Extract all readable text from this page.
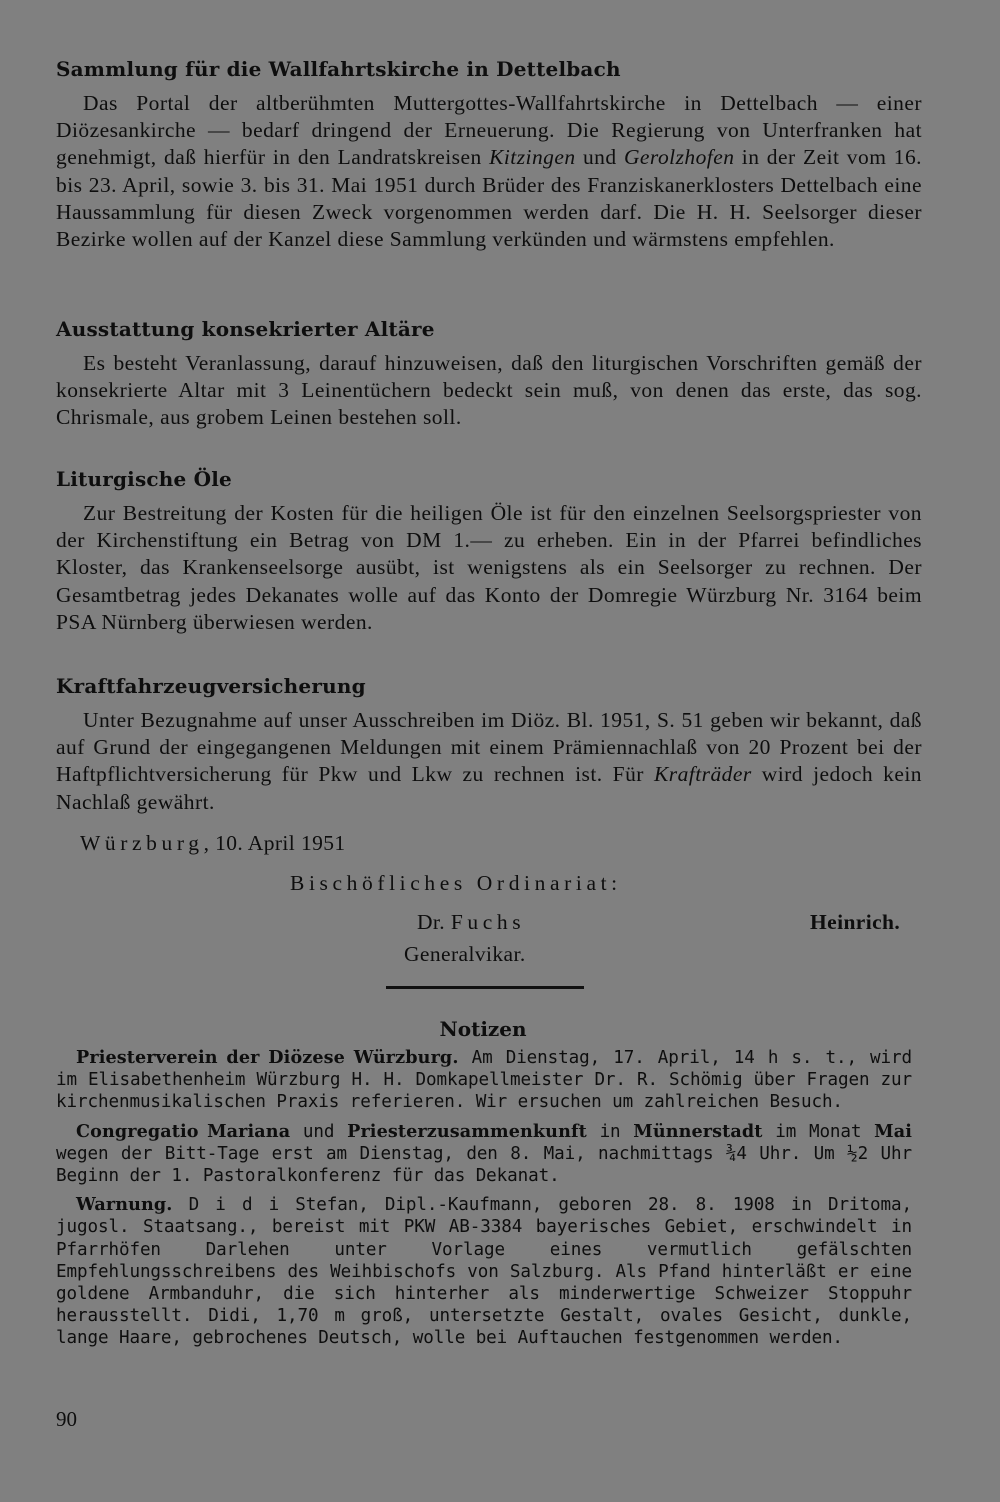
Sammlung für die Wallfahrtskirche in Dettelbach

Das Portal der altberühmten Muttergottes-Wallfahrtskirche in Dettelbach — einer Diözesankirche — bedarf dringend der Erneuerung. Die Regierung von Unterfranken hat genehmigt, daß hierfür in den Landratskreisen Kitzingen und Gerolzhofen in der Zeit vom 16. bis 23. April, sowie 3. bis 31. Mai 1951 durch Brüder des Franziskanerklosters Dettelbach eine Haussammlung für diesen Zweck vorgenommen werden darf. Die H. H. Seelsorger dieser Bezirke wollen auf der Kanzel diese Sammlung verkünden und wärmstens empfehlen.

Ausstattung konsekrierter Altäre

Es besteht Veranlassung, darauf hinzuweisen, daß den liturgischen Vorschriften gemäß der konsekrierte Altar mit 3 Leinentüchern bedeckt sein muß, von denen das erste, das sog. Chrismale, aus grobem Leinen bestehen soll.

Liturgische Öle

Zur Bestreitung der Kosten für die heiligen Öle ist für den einzelnen Seelsorgspriester von der Kirchenstiftung ein Betrag von DM 1.— zu erheben. Ein in der Pfarrei befindliches Kloster, das Krankenseelsorge ausübt, ist wenigstens als ein Seelsorger zu rechnen. Der Gesamtbetrag jedes Dekanates wolle auf das Konto der Domregie Würzburg Nr. 3164 beim PSA Nürnberg überwiesen werden.

Kraftfahrzeugversicherung

Unter Bezugnahme auf unser Ausschreiben im Diöz. Bl. 1951, S. 51 geben wir bekannt, daß auf Grund der eingegangenen Meldungen mit einem Prämiennachlaß von 20 Prozent bei der Haftpflichtversicherung für Pkw und Lkw zu rechnen ist. Für Krafträder wird jedoch kein Nachlaß gewährt.

Würzburg, 10. April 1951
Bischöfliches Ordinariat:
Dr. Fuchs
Generalvikar.
Heinrich.
Notizen

Priesterverein der Diözese Würzburg. Am Dienstag, 17. April, 14 h s. t., wird im Elisabethenheim Würzburg H. H. Domkapellmeister Dr. R. Schömig über Fragen zur kirchenmusikalischen Praxis referieren. Wir ersuchen um zahlreichen Besuch.

Congregatio Mariana und Priesterzusammenkunft in Münnerstadt im Monat Mai wegen der Bitt-Tage erst am Dienstag, den 8. Mai, nachmittags ¾4 Uhr. Um ½2 Uhr Beginn der 1. Pastoralkonferenz für das Dekanat.

Warnung. D i d i Stefan, Dipl.-Kaufmann, geboren 28. 8. 1908 in Dritoma, jugosl. Staatsang., bereist mit PKW AB-3384 bayerisches Gebiet, erschwindelt in Pfarrhöfen Darlehen unter Vorlage eines vermutlich gefälschten Empfehlungsschreibens des Weihbischofs von Salzburg. Als Pfand hinterläßt er eine goldene Armbanduhr, die sich hinterher als minderwertige Schweizer Stoppuhr herausstellt. Didi, 1,70 m groß, untersetzte Gestalt, ovales Gesicht, dunkle, lange Haare, gebrochenes Deutsch, wolle bei Auftauchen festgenommen werden.

90
